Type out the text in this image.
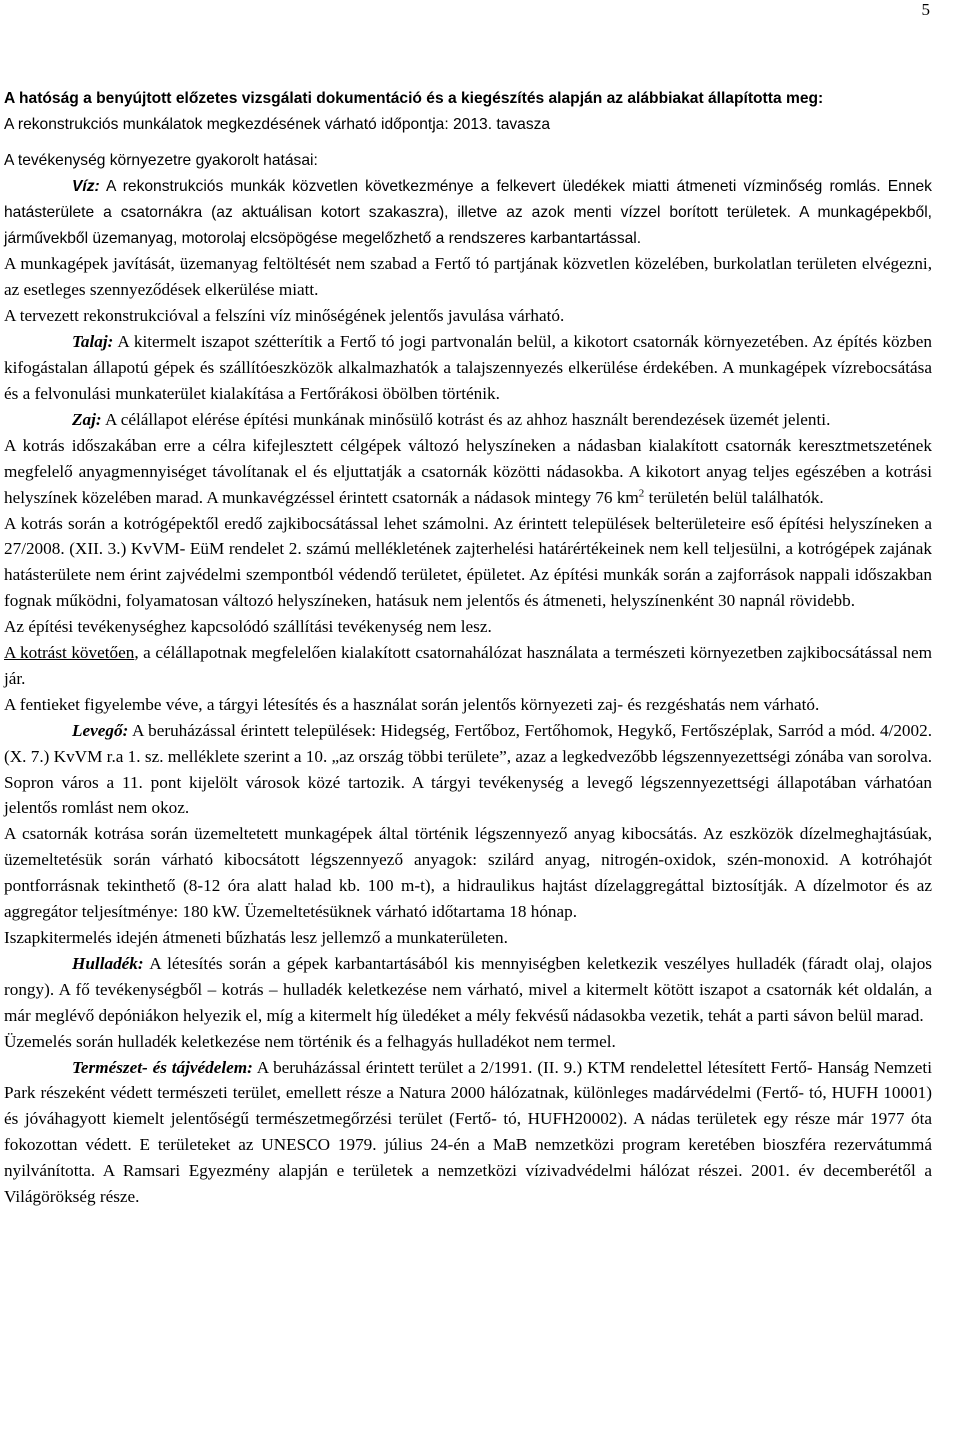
5

A hatóság a benyújtott előzetes vizsgálati dokumentáció és a kiegészítés alapján az alábbiakat állapította meg:

A rekonstrukciós munkálatok megkezdésének várható időpontja: 2013. tavasza

A tevékenység környezetre gyakorolt hatásai:

Víz: A rekonstrukciós munkák közvetlen következménye a felkevert üledékek miatti átmeneti vízminőség romlás. Ennek hatásterülete a csatornákra (az aktuálisan kotort szakaszra), illetve az azok menti vízzel borított területek. A munkagépekből, járművekből üzemanyag, motorolaj elcsöpögése megelőzhető a rendszeres karbantartással.

A munkagépek javítását, üzemanyag feltöltését nem szabad a Fertő tó partjának közvetlen közelében, burkolatlan területen elvégezni, az esetleges szennyeződések elkerülése miatt.

A tervezett rekonstrukcióval a felszíni víz minőségének jelentős javulása várható.

Talaj: A kitermelt iszapot szétterítik a Fertő tó jogi partvonalán belül, a kikotort csatornák környezetében. Az építés közben kifogástalan állapotú gépek és szállítóeszközök alkalmazhatók a talajszennyezés elkerülése érdekében. A munkagépek vízrebocsátása és a felvonulási munkaterület kialakítása a Fertőrákosi öbölben történik.

Zaj: A célállapot elérése építési munkának minősülő kotrást és az ahhoz használt berendezések üzemét jelenti.

A kotrás időszakában erre a célra kifejlesztett célgépek változó helyszíneken a nádasban kialakított csatornák keresztmetszetének megfelelő anyagmennyiséget távolítanak el és eljuttatják a csatornák közötti nádasokba. A kikotort anyag teljes egészében a kotrási helyszínek közelében marad. A munkavégzéssel érintett csatornák a nádasok mintegy 76 $km^2$ területén belül találhatók.

A kotrás során a kotrógépektől eredő zajkibocsátással lehet számolni. Az érintett települések belterületeire eső építési helyszíneken a 27/2008. (XII. 3.) KvVM- EüM rendelet 2. számú mellékletének zajterhelési határértékeinek nem kell teljesülni, a kotrógépek zajának hatásterülete nem érint zajvédelmi szempontból védendő területet, épületet. Az építési munkák során a zajforrások nappali időszakban fognak működni, folyamatosan változó helyszíneken, hatásuk nem jelentős és átmeneti, helyszínenként 30 napnál rövidebb.

Az építési tevékenységhez kapcsolódó szállítási tevékenység nem lesz.

A kotrást követően, a célállapotnak megfelelően kialakított csatornahálózat használata a természeti környezetben zajkibocsátással nem jár.

A fentieket figyelembe véve, a tárgyi létesítés és a használat során jelentős környezeti zaj- és rezgéshatás nem várható.

Levegő: A beruházással érintett települések: Hidegség, Fertőboz, Fertőhomok, Hegykő, Fertőszéplak, Sarród a mód. 4/2002. (X. 7.) KvVM r.a 1. sz. melléklete szerint a 10. „az ország többi területe”, azaz a legkedvezőbb légszennyezettségi zónába van sorolva. Sopron város a 11. pont kijelölt városok közé tartozik. A tárgyi tevékenység a levegő légszennyezettségi állapotában várhatóan jelentős romlást nem okoz.

A csatornák kotrása során üzemeltetett munkagépek által történik légszennyező anyag kibocsátás. Az eszközök dízelmeghajtásúak, üzemeltetésük során várható kibocsátott légszennyező anyagok: szilárd anyag, nitrogén-oxidok, szén-monoxid. A kotróhajót pontforrásnak tekinthető (8-12 óra alatt halad kb. 100 m-t), a hidraulikus hajtást dízelaggregáttal biztosítják. A dízelmotor és az aggregátor teljesítménye: 180 kW. Üzemeltetésüknek várható időtartama 18 hónap.

Iszapkitermelés idején átmeneti bűzhatás lesz jellemző a munkaterületen.

Hulladék: A létesítés során a gépek karbantartásából kis mennyiségben keletkezik veszélyes hulladék (fáradt olaj, olajos rongy). A fő tevékenységből – kotrás – hulladék keletkezése nem várható, mivel a kitermelt kötött iszapot a csatornák két oldalán, a már meglévő depóniákon helyezik el, míg a kitermelt híg üledéket a mély fekvésű nádasokba vezetik, tehát a parti sávon belül marad.

Üzemelés során hulladék keletkezése nem történik és a felhagyás hulladékot nem termel.

Természet- és tájvédelem: A beruházással érintett terület a 2/1991. (II. 9.) KTM rendelettel létesített Fertő- Hanság Nemzeti Park részeként védett természeti terület, emellett része a Natura 2000 hálózatnak, különleges madárvédelmi (Fertő- tó, HUFH 10001) és jóváhagyott kiemelt jelentőségű természetmegőrzési terület (Fertő- tó, HUFH20002). A nádas területek egy része már 1977 óta fokozottan védett. E területeket az UNESCO 1979. július 24-én a MaB nemzetközi program keretében bioszféra rezervátummá nyilvánította. A Ramsari Egyezmény alapján e területek a nemzetközi vízivadvédelmi hálózat részei. 2001. év decemberétől a Világörökség része.
